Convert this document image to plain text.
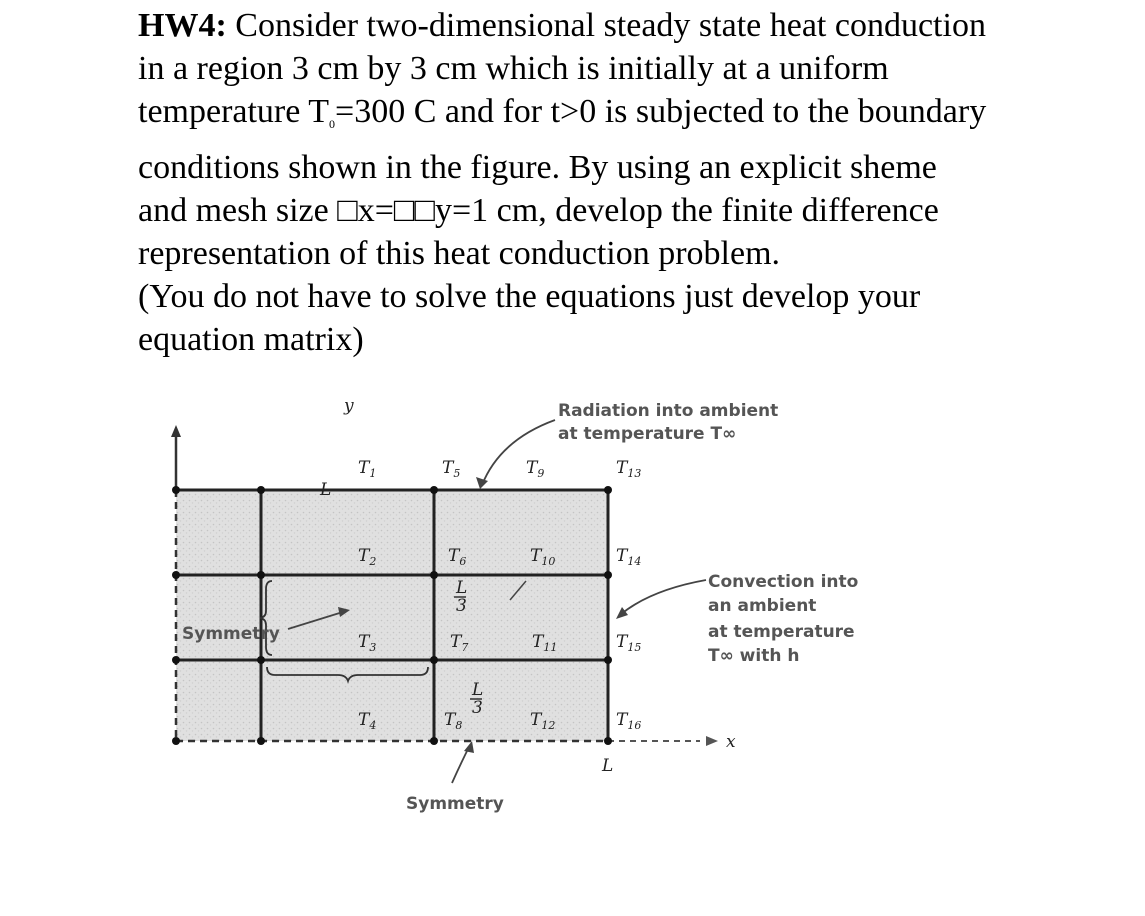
HW4: Consider two-dimensional steady state heat conduction

in a region 3 cm by 3 cm which is initially at a uniform

temperature $T_0=300$ C and for t>0 is subjected to the boundary

conditions shown in the figure. By using an explicit sheme

and mesh size □x=□□y=1 cm, develop the finite difference

representation of this heat conduction problem.

(You do not have to solve the equations just develop your

equation matrix)

y
x
$T_1$	$T_5$	$T_9$	$T_{13}$
$T_2$	$T_6$	$T_{10}$	$T_{14}$
$T_3$	$T_7$	$T_{11}$	$T_{15}$
$T_4$	$T_8$	$T_{12}$	$T_{16}$
L
L
L
3
L
3
Radiation into ambient
at temperature T∞
Convection into
an ambient
at temperature
T∞ with h
Symmetry
Symmetry
